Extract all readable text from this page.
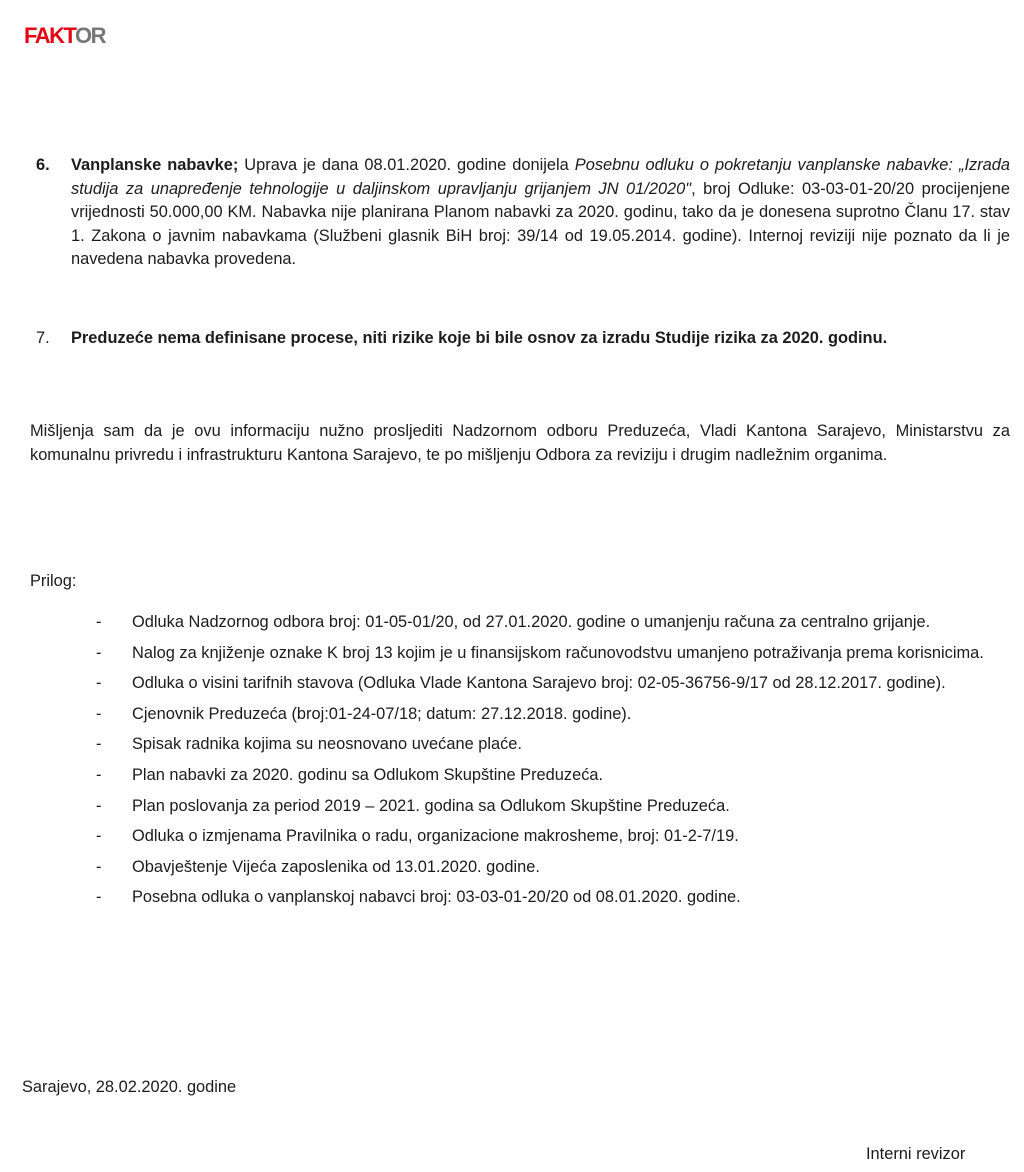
FAKTOR
6.	Vanplanske nabavke; Uprava je dana 08.01.2020. godine donijela Posebnu odluku o pokretanju vanplanske nabavke: „Izrada studija za unapređenje tehnologije u daljinskom upravljanju grijanjem JN 01/2020", broj Odluke: 03-03-01-20/20 procijenjene vrijednosti 50.000,00 KM. Nabavka nije planirana Planom nabavki za 2020. godinu, tako da je donesena suprotno Članu 17. stav 1. Zakona o javnim nabavkama (Službeni glasnik BiH broj: 39/14 od 19.05.2014. godine). Internoj reviziji nije poznato da li je navedena nabavka provedena.
7.	Preduzeće nema definisane procese, niti rizike koje bi bile osnov za izradu Studije rizika za 2020. godinu.
Mišljenja sam da je ovu informaciju nužno prosljediti Nadzornom odboru Preduzeća, Vladi Kantona Sarajevo, Ministarstvu za komunalnu privredu i infrastrukturu Kantona Sarajevo, te po mišljenju Odbora za reviziju i drugim nadležnim organima.
Prilog:
-	Odluka Nadzornog odbora broj: 01-05-01/20, od 27.01.2020. godine o umanjenju računa za centralno grijanje.
-	Nalog za knjiženje oznake K broj 13 kojim je u finansijskom računovodstvu umanjeno potraživanja prema korisnicima.
-	Odluka o visini tarifnih stavova (Odluka Vlade Kantona Sarajevo broj: 02-05-36756-9/17 od 28.12.2017. godine).
-	Cjenovnik Preduzeća (broj:01-24-07/18; datum: 27.12.2018. godine).
-	Spisak radnika kojima su neosnovano uvećane plaće.
-	Plan nabavki za 2020. godinu sa Odlukom Skupštine Preduzeća.
-	Plan poslovanja za period 2019 – 2021. godina sa Odlukom Skupštine Preduzeća.
-	Odluka o izmjenama Pravilnika o radu, organizacione makrosheme, broj: 01-2-7/19.
-	Obavještenje Vijeća zaposlenika od 13.01.2020. godine.
-	Posebna odluka o vanplanskoj nabavci broj: 03-03-01-20/20 od 08.01.2020. godine.
Sarajevo, 28.02.2020. godine
Interni revizor
